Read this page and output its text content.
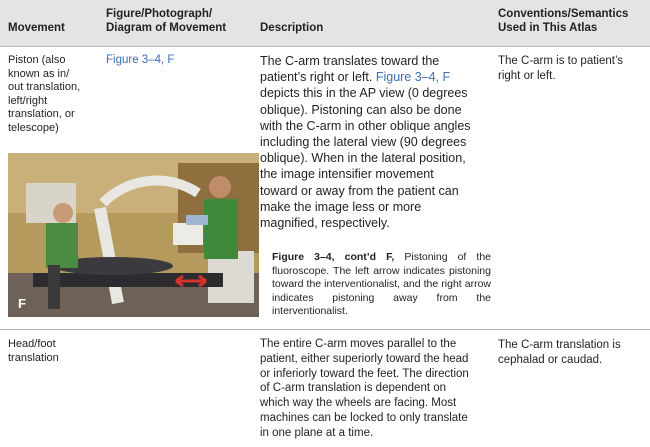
Movement
Figure/Photograph/
Diagram of Movement	Description
Conventions/Semantics
Used in This Atlas
Piston (also
known as in/
out translation,
left/right
translation, or
telescope)
Figure 3–4, F	The C-arm translates toward the
patient’s right or left. Figure 3–4, F
depicts this in the AP view (0 degrees
oblique). Pistoning can also be done
with the C-arm in other oblique angles
including the lateral view (90 degrees
oblique). When in the lateral position,
the image intensifier movement
toward or away from the patient can
make the image less or more
magnified, respectively.
F
Figure 3–4, cont’d F, Pistoning of the fluoroscope. The left arrow indicates pistoning toward the interventionalist, and the right arrow indicates pistoning away from the interventionalist.
The C-arm is to patient’s
right or left.
Head/foot
translation
The entire C-arm moves parallel to the
patient, either superiorly toward the head
or inferiorly toward the feet. The direction
of C-arm translation is dependent on
which way the wheels are facing. Most
machines can be locked to only translate
in one plane at a time.
The C-arm translation is
cephalad or caudad.
